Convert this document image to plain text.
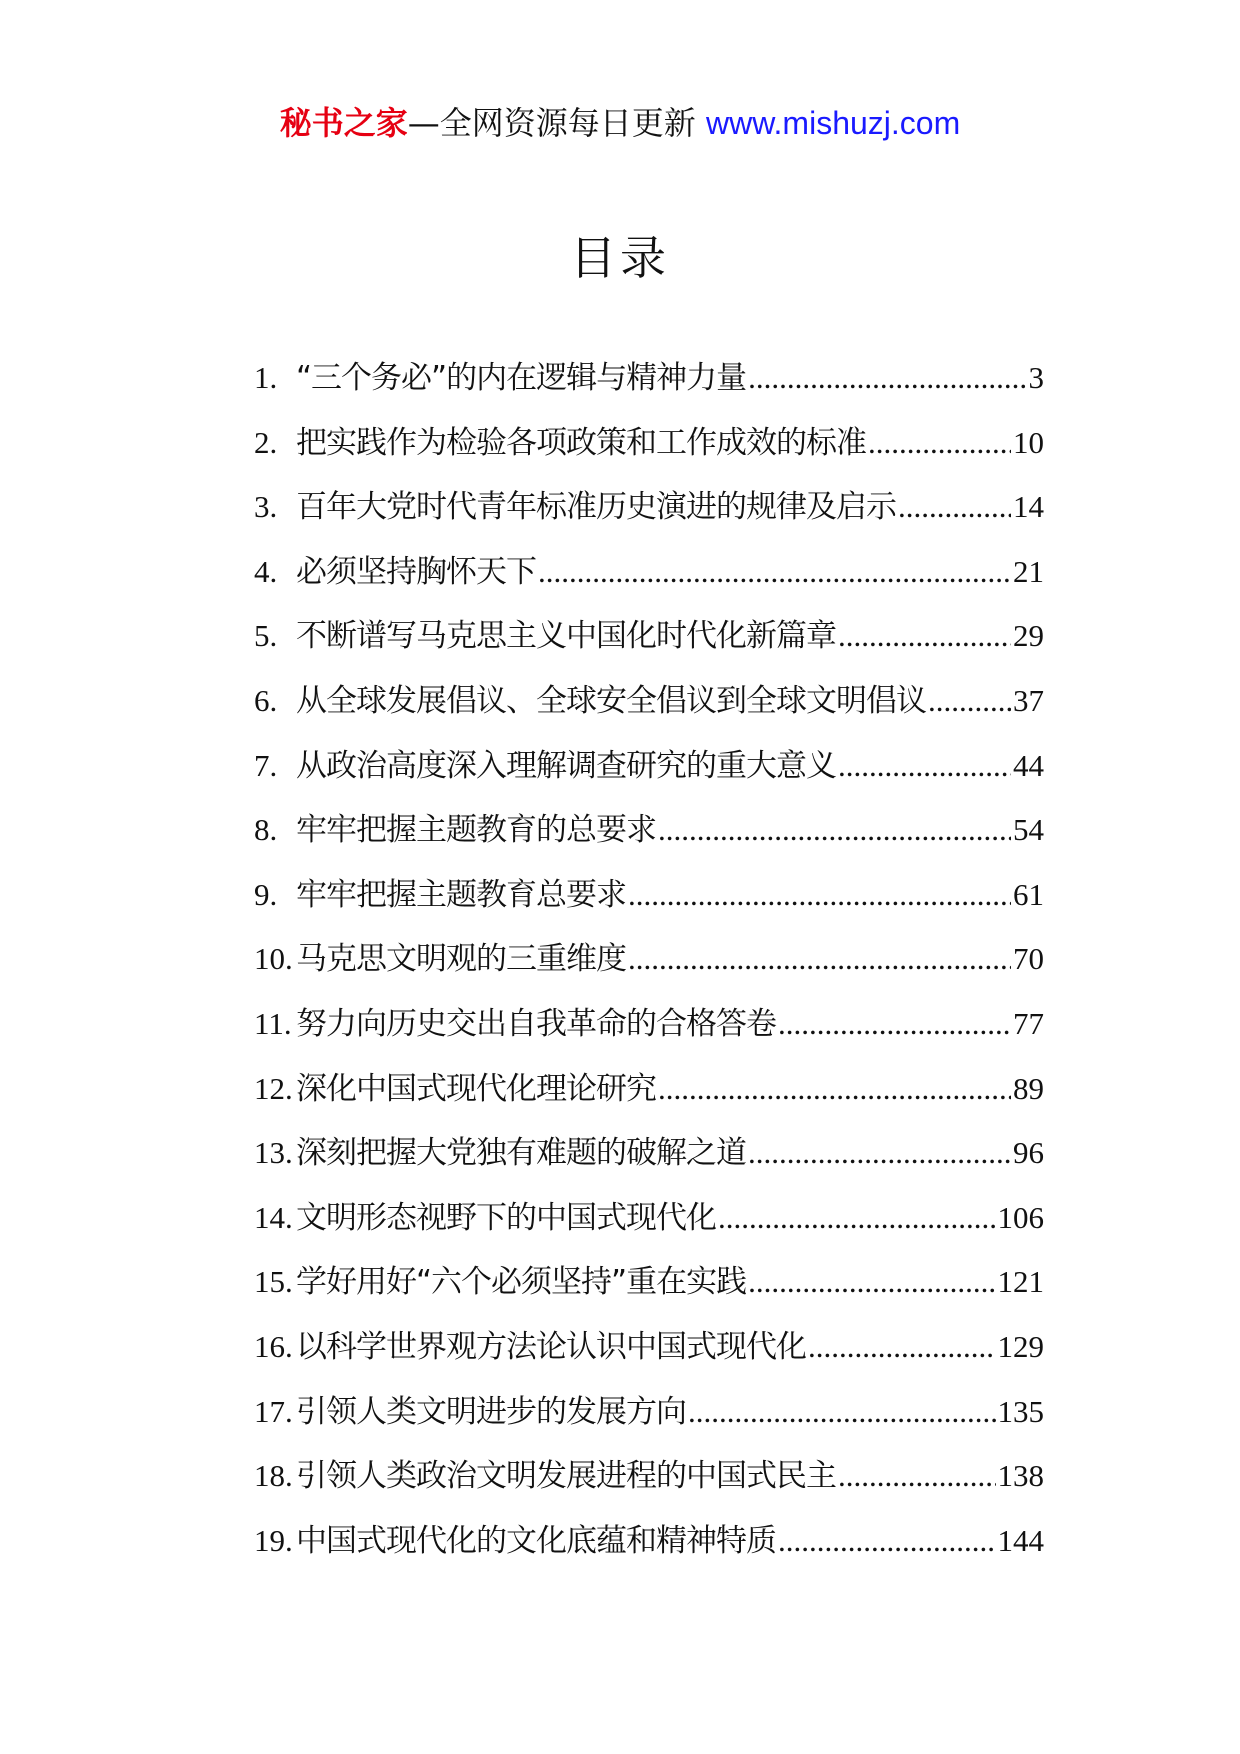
秘书之家—全网资源每日更新 www.mishuzj.com
目录
1. “三个务必”的内在逻辑与精神力量 .....	3
2. 把实践作为检验各项政策和工作成效的标准 .....	10
3. 百年大党时代青年标准历史演进的规律及启示 .....	14
4. 必须坚持胸怀天下 .....	21
5. 不断谱写马克思主义中国化时代化新篇章 .....	29
6. 从全球发展倡议、全球安全倡议到全球文明倡议 .....	37
7. 从政治高度深入理解调查研究的重大意义 .....	44
8. 牢牢把握主题教育的总要求 .....	54
9. 牢牢把握主题教育总要求 .....	61
10. 马克思文明观的三重维度 .....	70
11. 努力向历史交出自我革命的合格答卷 .....	77
12. 深化中国式现代化理论研究 .....	89
13. 深刻把握大党独有难题的破解之道 .....	96
14. 文明形态视野下的中国式现代化 .....	106
15. 学好用好“六个必须坚持”重在实践 .....	121
16. 以科学世界观方法论认识中国式现代化 .....	129
17. 引领人类文明进步的发展方向 .....	135
18. 引领人类政治文明发展进程的中国式民主 .....	138
19. 中国式现代化的文化底蕴和精神特质 .....	144
